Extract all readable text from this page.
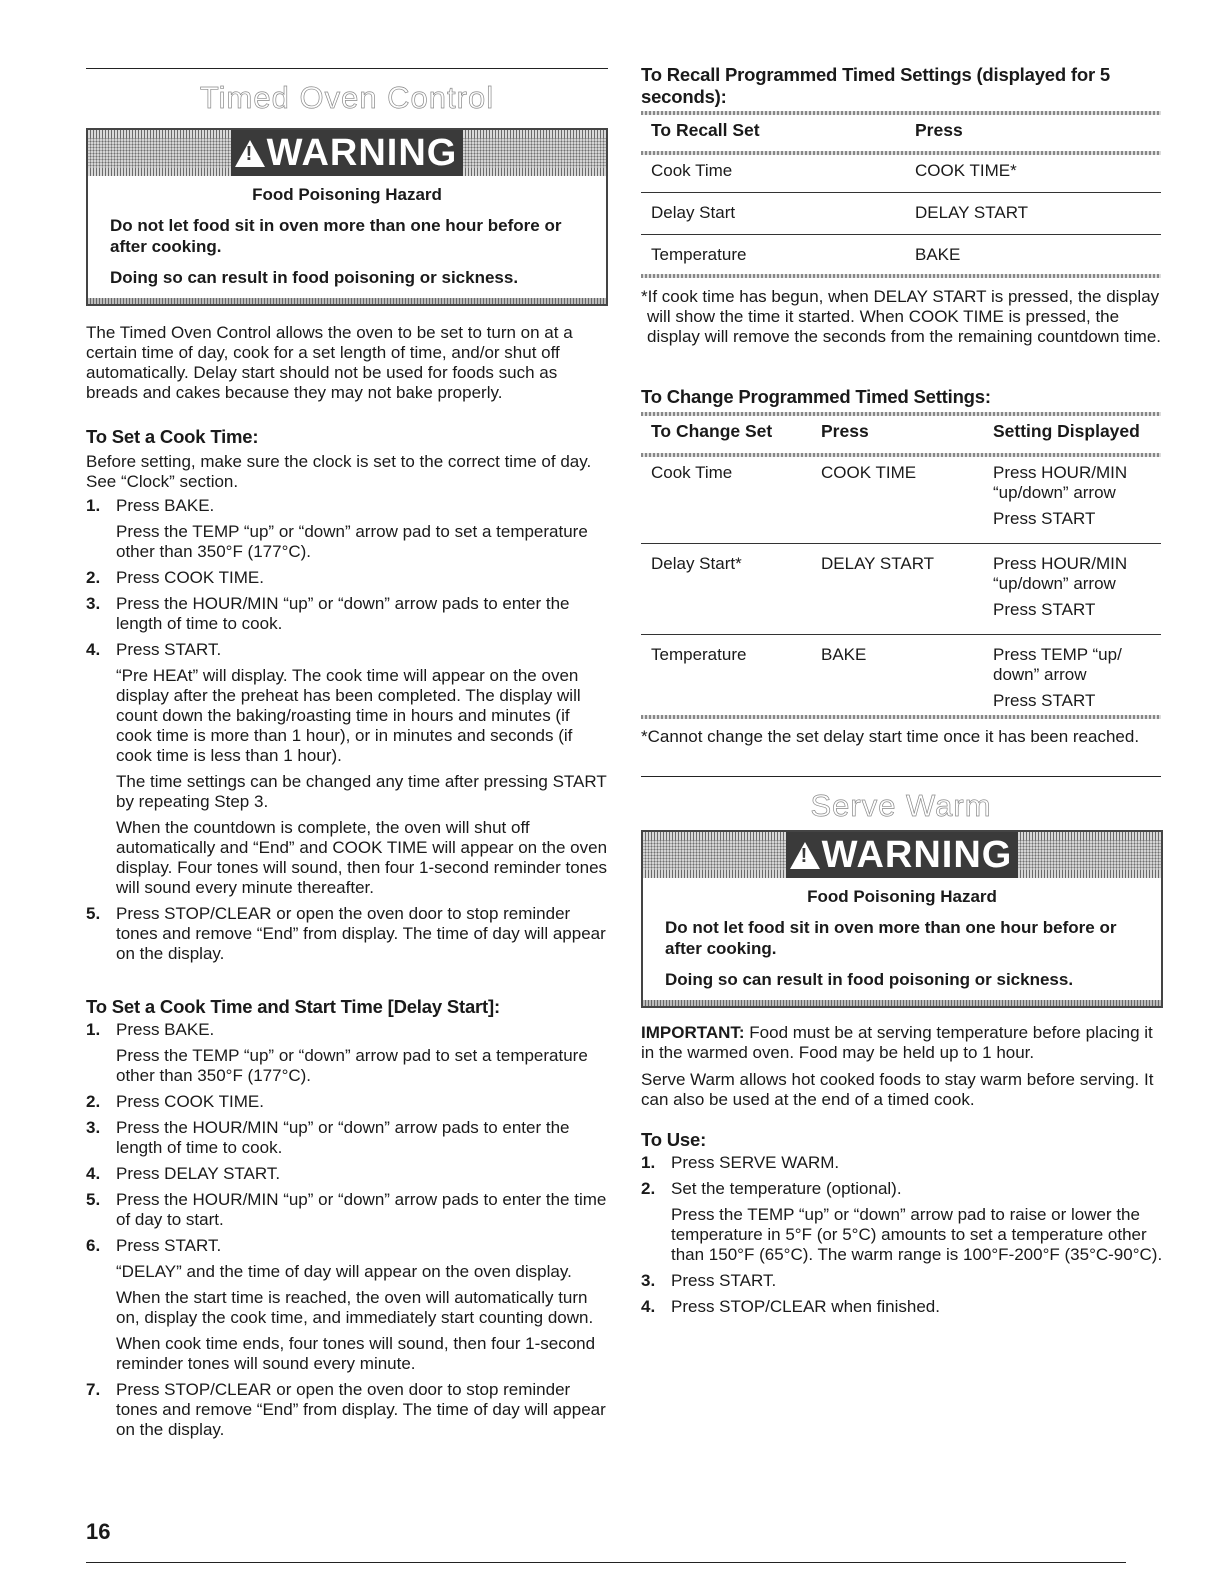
Timed Oven Control
!
WARNING
Food Poisoning Hazard

Do not let food sit in oven more than one hour before or after cooking.

Doing so can result in food poisoning or sickness.

The Timed Oven Control allows the oven to be set to turn on at a certain time of day, cook for a set length of time, and/or shut off automatically. Delay start should not be used for foods such as breads and cakes because they may not bake properly.

To Set a Cook Time:

Before setting, make sure the clock is set to the correct time of day. See “Clock” section.

1. Press BAKE.
Press the TEMP “up” or “down” arrow pad to set a temperature other than 350°F (177°C).
2. Press COOK TIME.
3. Press the HOUR/MIN “up” or “down” arrow pads to enter the length of time to cook.
4. Press START.
“Pre HEAt” will display. The cook time will appear on the oven display after the preheat has been completed. The display will count down the baking/roasting time in hours and minutes (if cook time is more than 1 hour), or in minutes and seconds (if cook time is less than 1 hour).
The time settings can be changed any time after pressing START by repeating Step 3.
When the countdown is complete, the oven will shut off automatically and “End” and COOK TIME will appear on the oven display. Four tones will sound, then four 1-second reminder tones will sound every minute thereafter.
5. Press STOP/CLEAR or open the oven door to stop reminder tones and remove “End” from display. The time of day will appear on the display.

To Set a Cook Time and Start Time [Delay Start]:

1. Press BAKE.
Press the TEMP “up” or “down” arrow pad to set a temperature other than 350°F (177°C).
2. Press COOK TIME.
3. Press the HOUR/MIN “up” or “down” arrow pads to enter the length of time to cook.
4. Press DELAY START.
5. Press the HOUR/MIN “up” or “down” arrow pads to enter the time of day to start.
6. Press START.
“DELAY” and the time of day will appear on the oven display.
When the start time is reached, the oven will automatically turn on, display the cook time, and immediately start counting down.
When cook time ends, four tones will sound, then four 1-second reminder tones will sound every minute.
7. Press STOP/CLEAR or open the oven door to stop reminder tones and remove “End” from display. The time of day will appear on the display.

To Recall Programmed Timed Settings (displayed for 5 seconds):

To Recall Set	Press
Cook Time	COOK TIME*
Delay Start	DELAY START
Temperature	BAKE

*If cook time has begun, when DELAY START is pressed, the display will show the time it started. When COOK TIME is pressed, the display will remove the seconds from the remaining countdown time.

To Change Programmed Timed Settings:

To Change Set	Press	Setting Displayed
Cook Time	COOK TIME	Press HOUR/MIN “up/down” arrow
Press START
Delay Start*	DELAY START	Press HOUR/MIN “up/down” arrow
Press START
Temperature	BAKE	Press TEMP “up/ down” arrow
Press START

*Cannot change the set delay start time once it has been reached.

Serve Warm
!
WARNING
Food Poisoning Hazard

Do not let food sit in oven more than one hour before or after cooking.

Doing so can result in food poisoning or sickness.

IMPORTANT: Food must be at serving temperature before placing it in the warmed oven. Food may be held up to 1 hour.

Serve Warm allows hot cooked foods to stay warm before serving. It can also be used at the end of a timed cook.

To Use:

1. Press SERVE WARM.
2. Set the temperature (optional).
Press the TEMP “up” or “down” arrow pad to raise or lower the temperature in 5°F (or 5°C) amounts to set a temperature other than 150°F (65°C). The warm range is 100°F-200°F (35°C-90°C).
3. Press START.
4. Press STOP/CLEAR when finished.
16
